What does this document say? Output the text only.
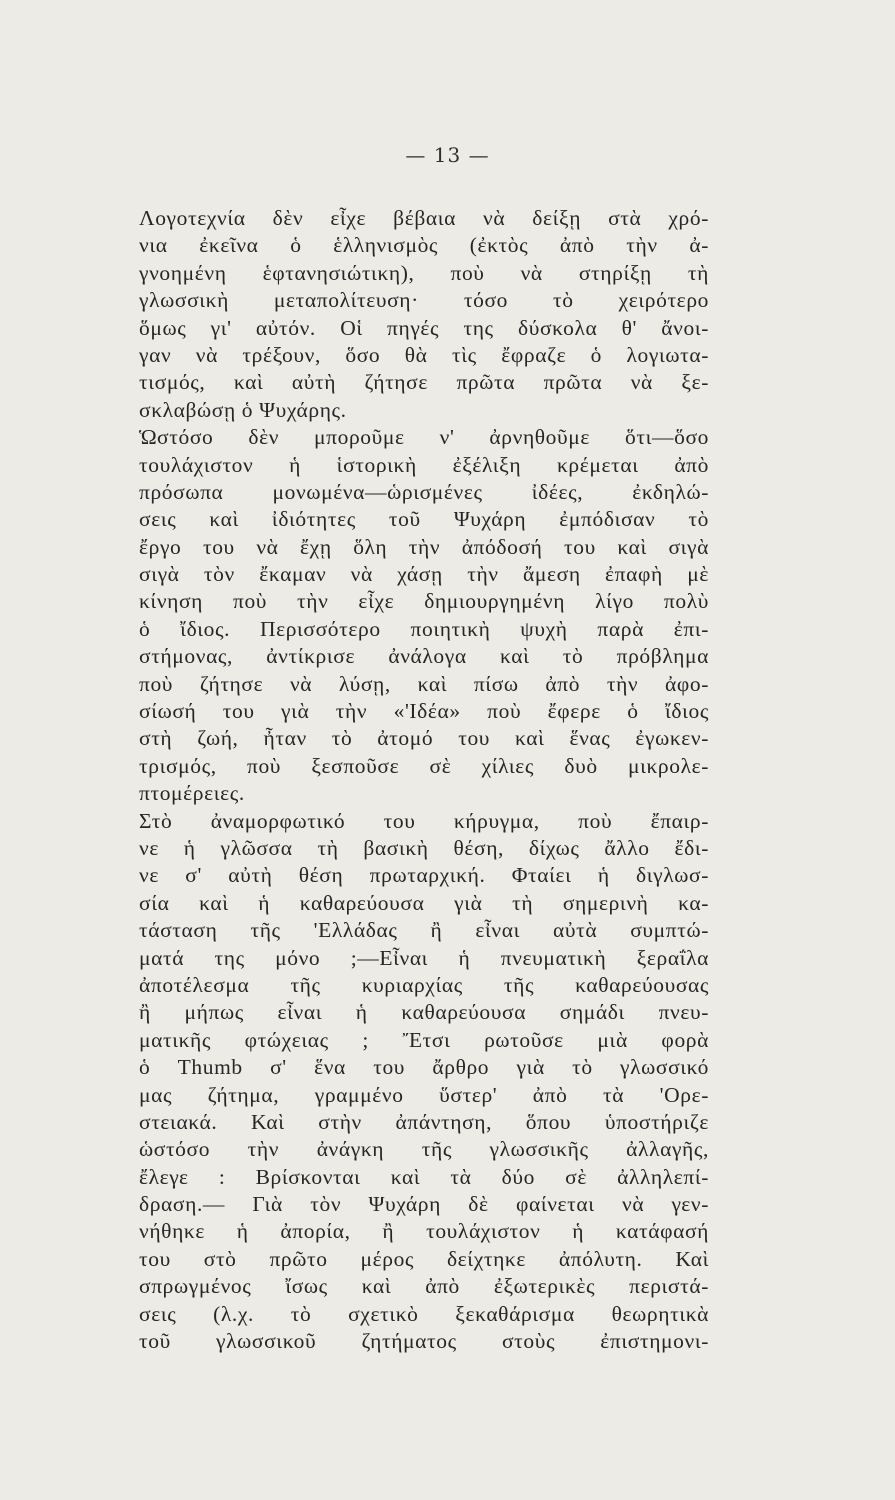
— 13 —
Λογοτεχνία δὲν εἶχε βέβαια νὰ δείξῃ στὰ χρό-
νια ἐκεῖνα ὁ ἑλληνισμὸς (ἐκτὸς ἀπὸ τὴν ἀ-
γνοημένη ἑφτανησιώτικη), ποὺ νὰ στηρίξῃ τὴ
γλωσσικὴ μεταπολίτευση· τόσο τὸ χειρότερο
ὅμως γι' αὐτόν. Οἱ πηγές της δύσκολα θ' ἄνοι-
γαν νὰ τρέξουν, ὅσο θὰ τὶς ἔφραζε ὁ λογιωτα-
τισμός, καὶ αὐτὴ ζήτησε πρῶτα πρῶτα νὰ ξε-
σκλαβώσῃ ὁ Ψυχάρης.
Ὡστόσο δὲν μποροῦμε ν' ἀρνηθοῦμε ὅτι—ὅσο
τουλάχιστον ἡ ἱστορικὴ ἐξέλιξη κρέμεται ἀπὸ
πρόσωπα μονωμένα—ὡρισμένες ἰδέες, ἐκδηλώ-
σεις καὶ ἰδιότητες τοῦ Ψυχάρη ἐμπόδισαν τὸ
ἔργο του νὰ ἔχῃ ὅλη τὴν ἀπόδοσή του καὶ σιγὰ
σιγὰ τὸν ἔκαμαν νὰ χάσῃ τὴν ἄμεση ἐπαφὴ μὲ
κίνηση ποὺ τὴν εἶχε δημιουργημένη λίγο πολὺ
ὁ ἴδιος. Περισσότερο ποιητικὴ ψυχὴ παρὰ ἐπι-
στήμονας, ἀντίκρισε ἀνάλογα καὶ τὸ πρόβλημα
ποὺ ζήτησε νὰ λύσῃ, καὶ πίσω ἀπὸ τὴν ἀφο-
σίωσή του γιὰ τὴν «'Ιδέα» ποὺ ἔφερε ὁ ἴδιος
στὴ ζωή, ἦταν τὸ ἀτομό του καὶ ἕνας ἐγωκεν-
τρισμός, ποὺ ξεσποῦσε σὲ χίλιες δυὸ μικρολε-
πτομέρειες.
Στὸ ἀναμορφωτικό του κήρυγμα, ποὺ ἔπαιρ-
νε ἡ γλῶσσα τὴ βασικὴ θέση, δίχως ἄλλο ἔδι-
νε σ' αὐτὴ θέση πρωταρχική. Φταίει ἡ διγλωσ-
σία καὶ ἡ καθαρεύουσα γιὰ τὴ σημερινὴ κα-
τάσταση τῆς 'Ελλάδας ἢ εἶναι αὐτὰ συμπτώ-
ματά της μόνο ;—Εἶναι ἡ πνευματικὴ ξεραΐλα
ἀποτέλεσμα τῆς κυριαρχίας τῆς καθαρεύουσας
ἢ μήπως εἶναι ἡ καθαρεύουσα σημάδι πνευ-
ματικῆς φτώχειας ; Ἔτσι ρωτοῦσε μιὰ φορὰ
ὁ Thumb σ' ἕνα του ἄρθρο γιὰ τὸ γλωσσικό
μας ζήτημα, γραμμένο ὕστερ' ἀπὸ τὰ 'Ορε-
στειακά. Καὶ στὴν ἀπάντηση, ὅπου ὑποστήριζε
ὡστόσο τὴν ἀνάγκη τῆς γλωσσικῆς ἀλλαγῆς,
ἔλεγε : Βρίσκονται καὶ τὰ δύο σὲ ἀλληλεπί-
δραση.— Γιὰ τὸν Ψυχάρη δὲ φαίνεται νὰ γεν-
νήθηκε ἡ ἀπορία, ἢ τουλάχιστον ἡ κατάφασή
του στὸ πρῶτο μέρος δείχτηκε ἀπόλυτη. Καὶ
σπρωγμένος ἴσως καὶ ἀπὸ ἐξωτερικὲς περιστά-
σεις (λ.χ. τὸ σχετικὸ ξεκαθάρισμα θεωρητικὰ
τοῦ γλωσσικοῦ ζητήματος στοὺς ἐπιστημονι-
